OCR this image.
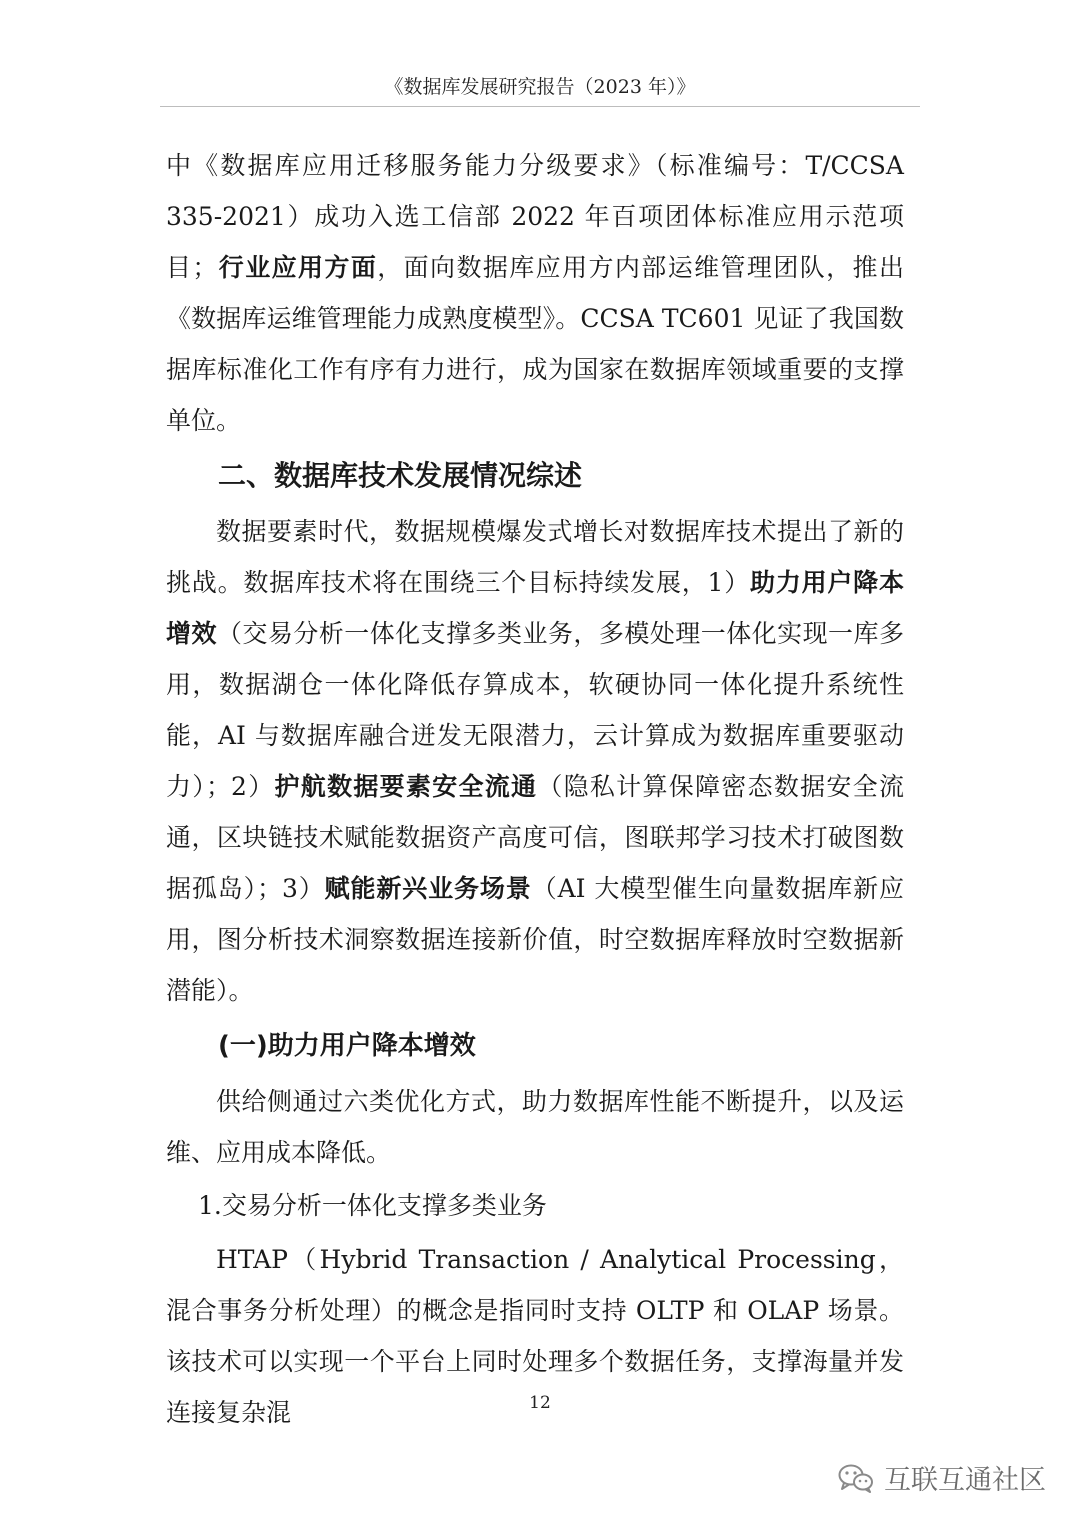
《数据库发展研究报告（2023 年）》

中《数据库应用迁移服务能力分级要求》（标准编号：T/CCSA 335-2021）成功入选工信部 2022 年百项团体标准应用示范项目；行业应用方面，面向数据库应用方内部运维管理团队，推出《数据库运维管理能力成熟度模型》。CCSA TC601 见证了我国数据库标准化工作有序有力进行，成为国家在数据库领域重要的支撑单位。

二、数据库技术发展情况综述

数据要素时代，数据规模爆发式增长对数据库技术提出了新的挑战。数据库技术将在围绕三个目标持续发展，1）助力用户降本增效（交易分析一体化支撑多类业务，多模处理一体化实现一库多用，数据湖仓一体化降低存算成本，软硬协同一体化提升系统性能，AI 与数据库融合迸发无限潜力，云计算成为数据库重要驱动力）；2）护航数据要素安全流通（隐私计算保障密态数据安全流通，区块链技术赋能数据资产高度可信，图联邦学习技术打破图数据孤岛）；3）赋能新兴业务场景（AI 大模型催生向量数据库新应用，图分析技术洞察数据连接新价值，时空数据库释放时空数据新潜能）。

(一)助力用户降本增效

供给侧通过六类优化方式，助力数据库性能不断提升，以及运维、应用成本降低。

1.交易分析一体化支撑多类业务

HTAP（Hybrid Transaction / Analytical Processing，混合事务分析处理）的概念是指同时支持 OLTP 和 OLAP 场景。该技术可以实现一个平台上同时处理多个数据任务，支撑海量并发连接复杂混	12
互联互通社区
